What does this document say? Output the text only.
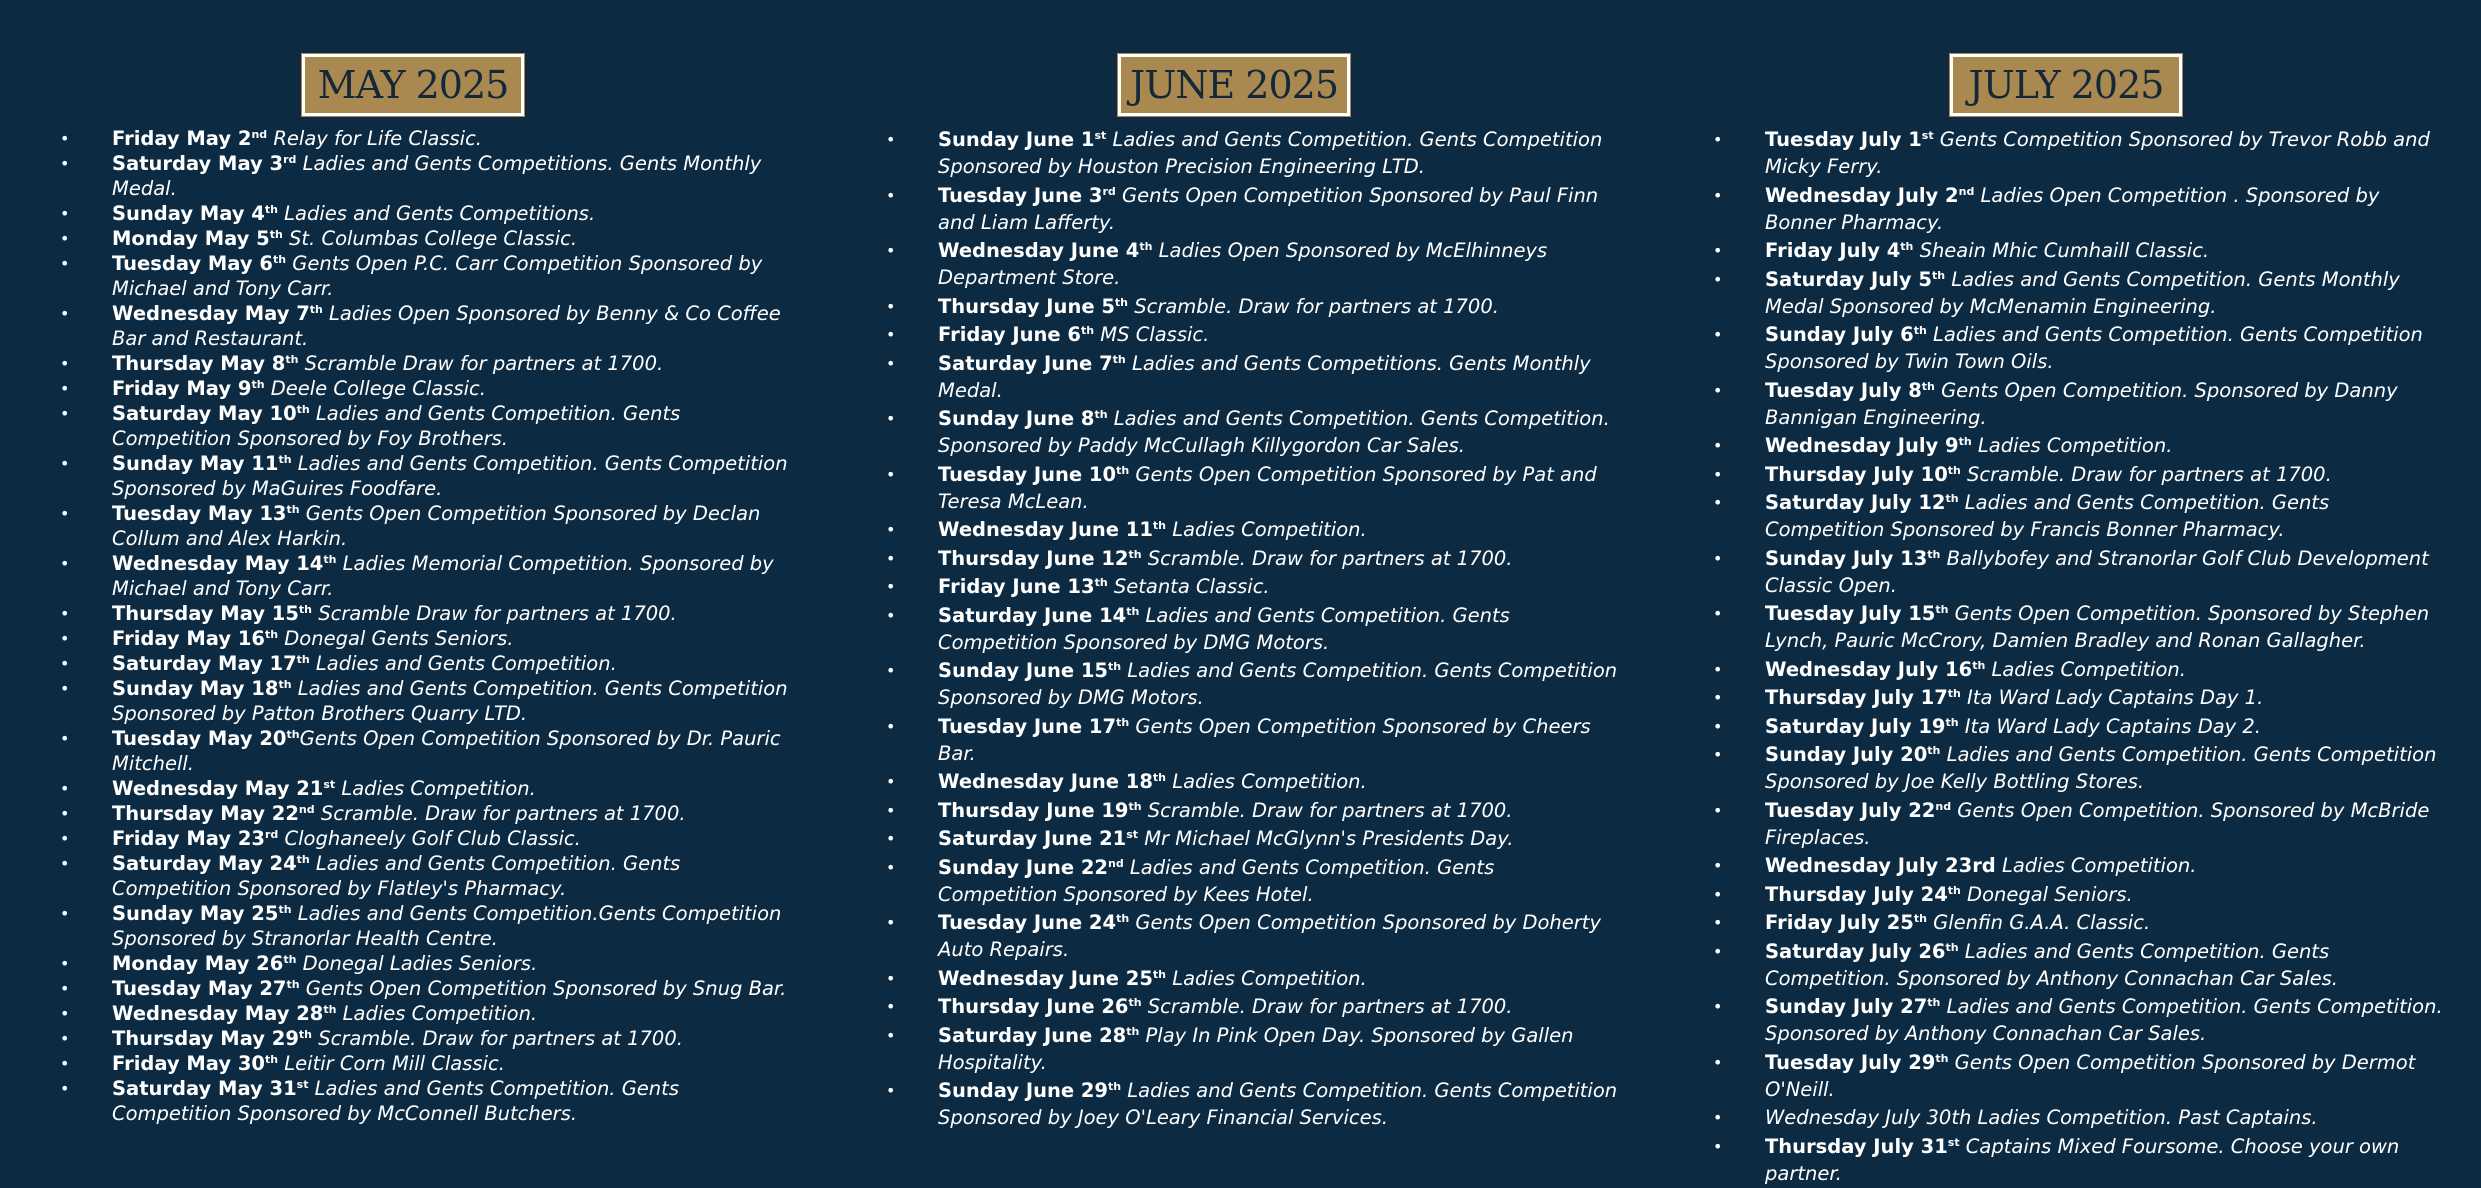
MAY 2025
• Friday May 2nd Relay for Life Classic.
• Saturday May 3rd Ladies and Gents Competitions. Gents Monthly Medal.
• Sunday May 4th Ladies and Gents Competitions.
• Monday May 5th St. Columbas College Classic.
• Tuesday May 6th Gents Open P.C. Carr Competition Sponsored by Michael and Tony Carr.
• Wednesday May 7th Ladies Open Sponsored by Benny & Co Coffee Bar and Restaurant.
• Thursday May 8th Scramble Draw for partners at 1700.
• Friday May 9th Deele College Classic.
• Saturday May 10th Ladies and Gents Competition. Gents Competition Sponsored by Foy Brothers.
• Sunday May 11th Ladies and Gents Competition. Gents Competition Sponsored by MaGuires Foodfare.
• Tuesday May 13th Gents Open Competition Sponsored by Declan Collum and Alex Harkin.
• Wednesday May 14th Ladies Memorial Competition. Sponsored by Michael and Tony Carr.
• Thursday May 15th Scramble Draw for partners at 1700.
• Friday May 16th Donegal Gents Seniors.
• Saturday May 17th Ladies and Gents Competition.
• Sunday May 18th Ladies and Gents Competition. Gents Competition Sponsored by Patton Brothers Quarry LTD.
• Tuesday May 20thGents Open Competition Sponsored by Dr. Pauric Mitchell.
• Wednesday May 21st Ladies Competition.
• Thursday May 22nd Scramble. Draw for partners at 1700.
• Friday May 23rd Cloghaneely Golf Club Classic.
• Saturday May 24th Ladies and Gents Competition. Gents Competition Sponsored by Flatley's Pharmacy.
• Sunday May 25th Ladies and Gents Competition.Gents Competition Sponsored by Stranorlar Health Centre.
• Monday May 26th Donegal Ladies Seniors.
• Tuesday May 27th Gents Open Competition Sponsored by Snug Bar.
• Wednesday May 28th Ladies Competition.
• Thursday May 29th Scramble. Draw for partners at 1700.
• Friday May 30th Leitir Corn Mill Classic.
• Saturday May 31st Ladies and Gents Competition. Gents Competition Sponsored by McConnell Butchers.
JUNE 2025
• Sunday June 1st Ladies and Gents Competition. Gents Competition Sponsored by Houston Precision Engineering LTD.
• Tuesday June 3rd Gents Open Competition Sponsored by Paul Finn and Liam Lafferty.
• Wednesday June 4th Ladies Open Sponsored by McElhinneys Department Store.
• Thursday June 5th Scramble. Draw for partners at 1700.
• Friday June 6th MS Classic.
• Saturday June 7th Ladies and Gents Competitions. Gents Monthly Medal.
• Sunday June 8th Ladies and Gents Competition. Gents Competition. Sponsored by Paddy McCullagh Killygordon Car Sales.
• Tuesday June 10th Gents Open Competition Sponsored by Pat and Teresa McLean.
• Wednesday June 11th Ladies Competition.
• Thursday June 12th Scramble. Draw for partners at 1700.
• Friday June 13th Setanta Classic.
• Saturday June 14th Ladies and Gents Competition. Gents Competition Sponsored by DMG Motors.
• Sunday June 15th Ladies and Gents Competition. Gents Competition Sponsored by DMG Motors.
• Tuesday June 17th Gents Open Competition Sponsored by Cheers Bar.
• Wednesday June 18th Ladies Competition.
• Thursday June 19th Scramble. Draw for partners at 1700.
• Saturday June 21st Mr Michael McGlynn's Presidents Day.
• Sunday June 22nd Ladies and Gents Competition. Gents Competition Sponsored by Kees Hotel.
• Tuesday June 24th Gents Open Competition Sponsored by Doherty Auto Repairs.
• Wednesday June 25th Ladies Competition.
• Thursday June 26th Scramble. Draw for partners at 1700.
• Saturday June 28th Play In Pink Open Day. Sponsored by Gallen Hospitality.
• Sunday June 29th Ladies and Gents Competition. Gents Competition Sponsored by Joey O'Leary Financial Services.
JULY 2025
• Tuesday July 1st Gents Competition Sponsored by Trevor Robb and Micky Ferry.
• Wednesday July 2nd Ladies Open Competition . Sponsored by Bonner Pharmacy.
• Friday July 4th Sheain Mhic Cumhaill Classic.
• Saturday July 5th Ladies and Gents Competition. Gents Monthly Medal Sponsored by McMenamin Engineering.
• Sunday July 6th Ladies and Gents Competition. Gents Competition Sponsored by Twin Town Oils.
• Tuesday July 8th Gents Open Competition. Sponsored by Danny Bannigan Engineering.
• Wednesday July 9th Ladies Competition.
• Thursday July 10th Scramble. Draw for partners at 1700.
• Saturday July 12th Ladies and Gents Competition. Gents Competition Sponsored by Francis Bonner Pharmacy.
• Sunday July 13th Ballybofey and Stranorlar Golf Club Development Classic Open.
• Tuesday July 15th Gents Open Competition. Sponsored by Stephen Lynch, Pauric McCrory, Damien Bradley and Ronan Gallagher.
• Wednesday July 16th Ladies Competition.
• Thursday July 17th Ita Ward Lady Captains Day 1.
• Saturday July 19th Ita Ward Lady Captains Day 2.
• Sunday July 20th Ladies and Gents Competition. Gents Competition Sponsored by Joe Kelly Bottling Stores.
• Tuesday July 22nd Gents Open Competition. Sponsored by McBride Fireplaces.
• Wednesday July 23rd Ladies Competition.
• Thursday July 24th Donegal Seniors.
• Friday July 25th Glenfin G.A.A. Classic.
• Saturday July 26th Ladies and Gents Competition. Gents Competition. Sponsored by Anthony Connachan Car Sales.
• Sunday July 27th Ladies and Gents Competition. Gents Competition. Sponsored by Anthony Connachan Car Sales.
• Tuesday July 29th Gents Open Competition Sponsored by Dermot O'Neill.
• Wednesday July 30th Ladies Competition. Past Captains.
• Thursday July 31st Captains Mixed Foursome. Choose your own partner.
